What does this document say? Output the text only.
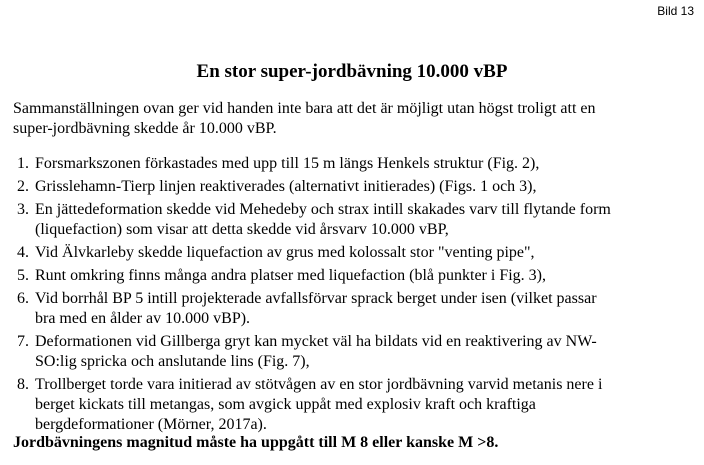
Bild 13
En stor super-jordbävning 10.000 vBP
Sammanställningen ovan ger vid handen inte bara att det är möjligt utan högst troligt att en
super-jordbävning skedde år 10.000 vBP.
1. Forsmarkszonen förkastades med upp till 15 m längs Henkels struktur (Fig. 2),
2. Grisslehamn-Tierp linjen reaktiverades (alternativt initierades) (Figs. 1 och 3),
3. En jättedeformation skedde vid Mehedeby och strax intill skakades varv till flytande form
(liquefaction) som visar att detta skedde vid årsvarv 10.000 vBP,
4. Vid Älvkarleby skedde liquefaction av grus med kolossalt stor "venting pipe",
5. Runt omkring finns många andra platser med liquefaction (blå punkter i Fig. 3),
6. Vid borrhål BP 5 intill projekterade avfallsförvar sprack berget under isen (vilket passar
bra med en ålder av 10.000 vBP).
7. Deformationen vid Gillberga gryt kan mycket väl ha bildats vid en reaktivering av NW-
SO:lig spricka och anslutande lins (Fig. 7),
8. Trollberget torde vara initierad av stötvågen av en stor jordbävning varvid metanis nere i
berget kickats till metangas, som avgick uppåt med explosiv kraft och kraftiga
bergdeformationer (Mörner, 2017a).
Jordbävningens magnitud måste ha uppgått till M 8 eller kanske M >8.
